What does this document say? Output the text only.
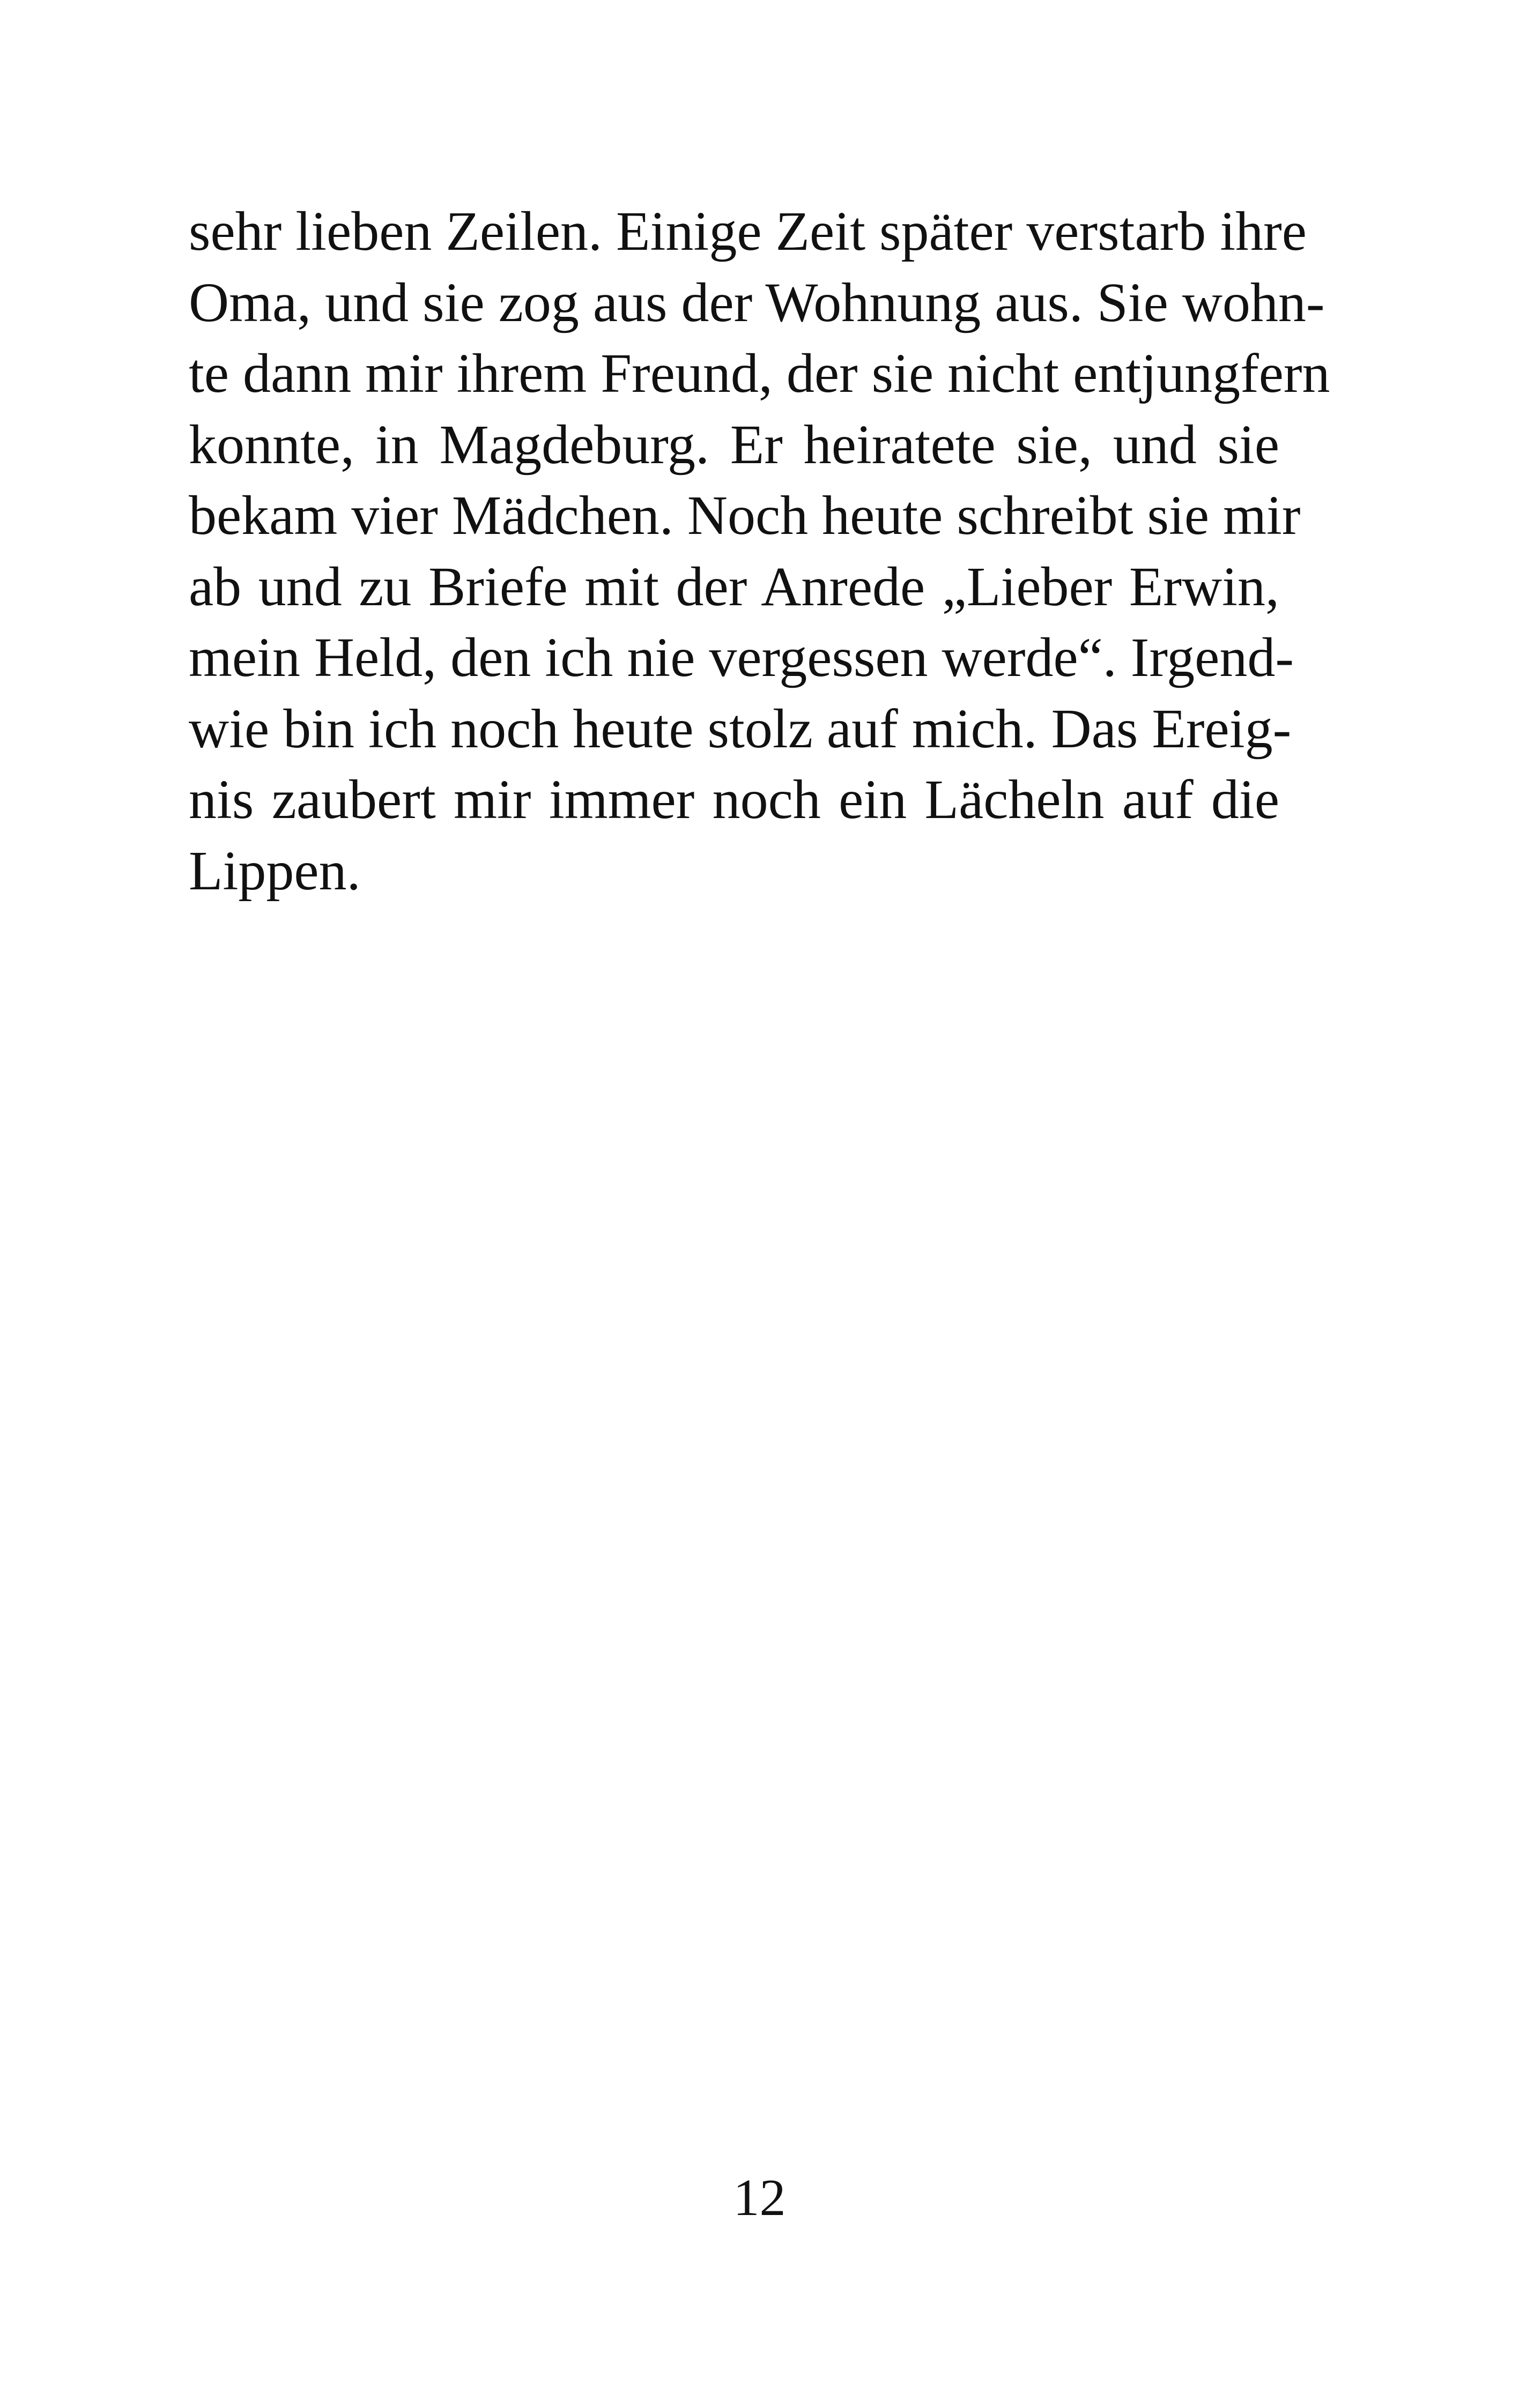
sehr lieben Zeilen. Einige Zeit später verstarb ihre
Oma, und sie zog aus der Wohnung aus. Sie wohn-
te dann mir ihrem Freund, der sie nicht entjungfern
konnte, in Magdeburg. Er heiratete sie, und sie
bekam vier Mädchen. Noch heute schreibt sie mir
ab und zu Briefe mit der Anrede „Lieber Erwin,
mein Held, den ich nie vergessen werde“. Irgend-
wie bin ich noch heute stolz auf mich. Das Ereig-
nis zaubert mir immer noch ein Lächeln auf die
Lippen.
12
